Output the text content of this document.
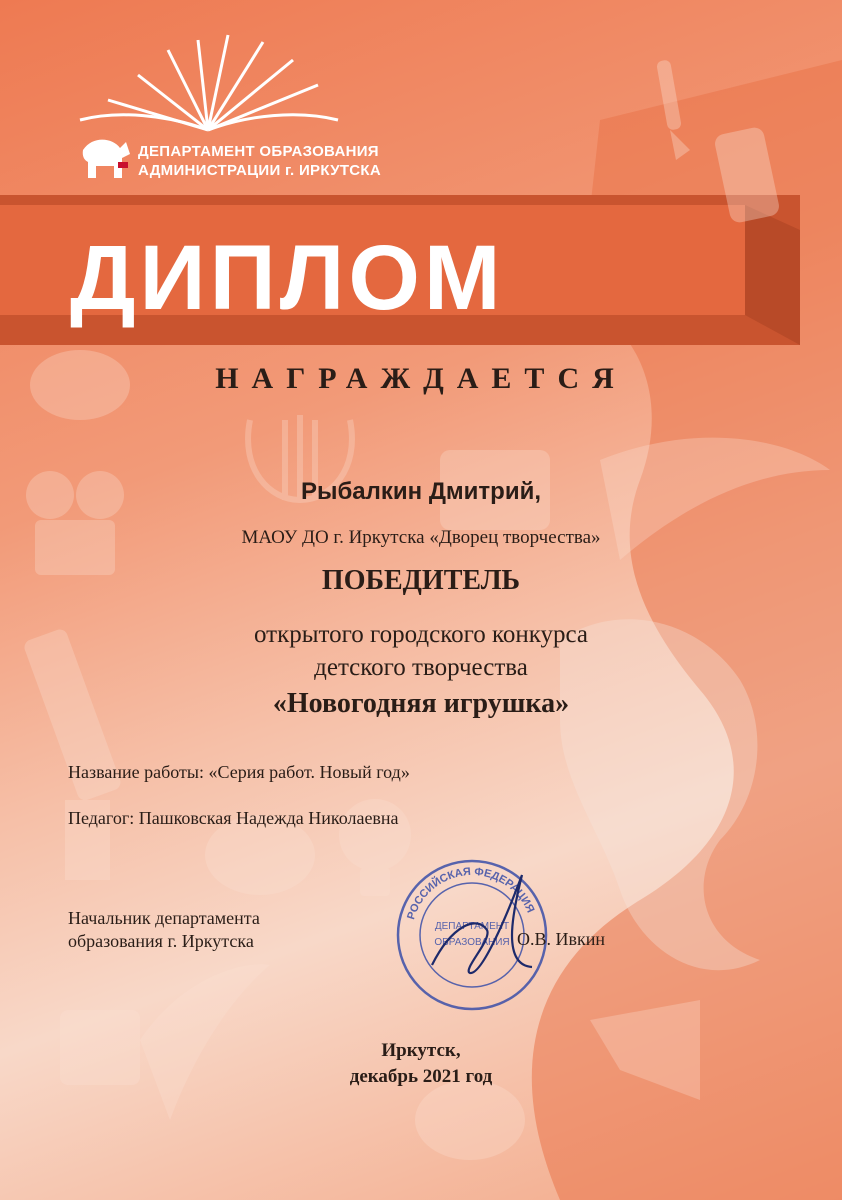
ДЕПАРТАМЕНТ ОБРАЗОВАНИЯ
АДМИНИСТРАЦИИ г. ИРКУТСКА

ДИПЛОМ

НАГРАЖДАЕТСЯ

Рыбалкин Дмитрий,

МАОУ ДО г. Иркутска «Дворец творчества»

ПОБЕДИТЕЛЬ

открытого городского конкурса
детского творчества

«Новогодняя игрушка»

Название работы: «Серия работ. Новый год»

Педагог: Пашковская Надежда Николаевна

Начальник департамента
образования г. Иркутска

РОССИЙСКАЯ ФЕДЕРАЦИЯ
ДЕПАРТАМЕНТ
ОБРАЗОВАНИЯ О.В. Ивкин

Иркутск,
декабрь 2021 год
